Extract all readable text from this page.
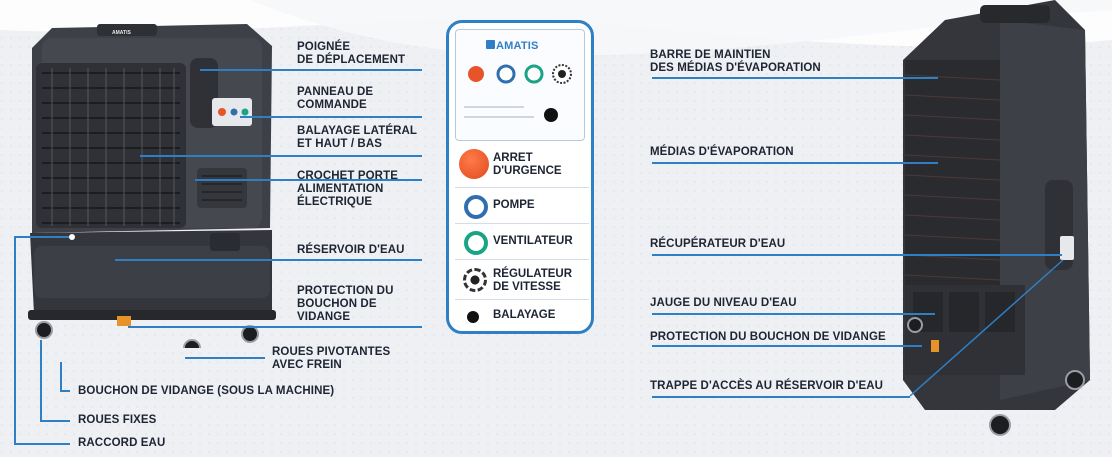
AMATIS
POIGNÉE
DE DÉPLACEMENT
PANNEAU DE
COMMANDE
BALAYAGE LATÉRAL
ET HAUT / BAS
CROCHET PORTE
ALIMENTATION
ÉLECTRIQUE
RÉSERVOIR D'EAU
PROTECTION DU
BOUCHON DE
VIDANGE
ROUES PIVOTANTES
AVEC FREIN
BOUCHON DE VIDANGE (SOUS LA MACHINE)
ROUES FIXES
RACCORD EAU
AMATIS
ARRET
D'URGENCE
POMPE
VENTILATEUR
RÉGULATEUR
DE VITESSE
BALAYAGE
BARRE DE MAINTIEN
DES MÉDIAS D'ÉVAPORATION
MÉDIAS D'ÉVAPORATION
RÉCUPÉRATEUR D'EAU
JAUGE DU NIVEAU D'EAU
PROTECTION DU BOUCHON DE VIDANGE
TRAPPE D'ACCÈS AU RÉSERVOIR D'EAU
